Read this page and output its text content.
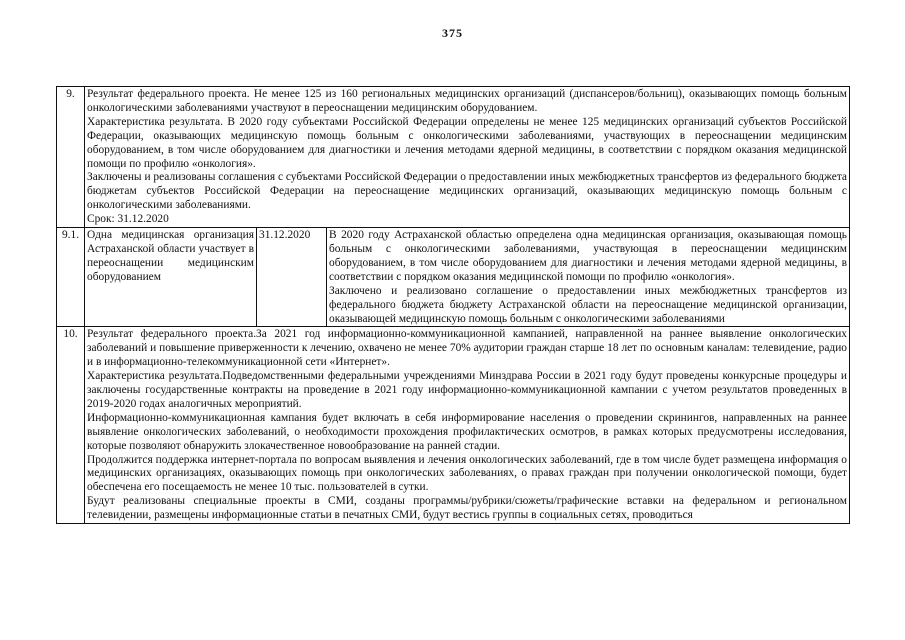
375
9.	Результат федерального проекта. Не менее 125 из 160 региональных медицинских организаций (диспансеров/больниц), оказывающих помощь больным онкологическими заболеваниями участвуют в переоснащении медицинским оборудованием.

Характеристика результата. В 2020 году субъектами Российской Федерации определены не менее 125 медицинских организаций субъектов Российской Федерации, оказывающих медицинскую помощь больным с онкологическими заболеваниями, участвующих в переоснащении медицинским оборудованием, в том числе оборудованием для диагностики и лечения методами ядерной медицины, в соответствии с порядком оказания медицинской помощи по профилю «онкология».

Заключены и реализованы соглашения с субъектами Российской Федерации о предоставлении иных межбюджетных трансфертов из федерального бюджета бюджетам субъектов Российской Федерации на переоснащение медицинских организаций, оказывающих медицинскую помощь больным с онкологическими заболеваниями.

Срок: 31.12.2020		

9.1.	Одна медицинская организация Астраханской области участвует в переоснащении медицинским оборудованием	31.12.2020	В 2020 году Астраханской областью определена одна медицинская организация, оказывающая помощь больным с онкологическими заболеваниями, участвующая в переоснащении медицинским оборудованием, в том числе оборудованием для диагностики и лечения методами ядерной медицины, в соответствии с порядком оказания медицинской помощи по профилю «онкология».

Заключено и реализовано соглашение о предоставлении иных межбюджетных трансфертов из федерального бюджета бюджету Астраханской области на переоснащение медицинской организации, оказывающей медицинскую помощь больным с онкологическими заболеваниями

10.	Результат федерального проекта.За 2021 год информационно-коммуникационной кампанией, направленной на раннее выявление онкологических заболеваний и повышение приверженности к лечению, охвачено не менее 70% аудитории граждан старше 18 лет по основным каналам: телевидение, радио и в информационно-телекоммуникационной сети «Интернет».

Характеристика результата.Подведомственными федеральными учреждениями Минздрава России в 2021 году будут проведены конкурсные процедуры и заключены государственные контракты на проведение в 2021 году информационно-коммуникационной кампании с учетом результатов проведенных в 2019-2020 годах аналогичных мероприятий.

Информационно-коммуникационная кампания будет включать в себя информирование населения о проведении скринингов, направленных на раннее выявление онкологических заболеваний, о необходимости прохождения профилактических осмотров, в рамках которых предусмотрены исследования, которые позволяют обнаружить злокачественное новообразование на ранней стадии.

Продолжится поддержка интернет-портала по вопросам выявления и лечения онкологических заболеваний, где в том числе будет размещена информация о медицинских организациях, оказывающих помощь при онкологических заболеваниях, о правах граждан при получении онкологической помощи, будет обеспечена его посещаемость не менее 10 тыс. пользователей в сутки.

Будут реализованы специальные проекты в СМИ, созданы программы/рубрики/сюжеты/графические вставки на федеральном и региональном телевидении, размещены информационные статьи в печатных СМИ, будут вестись группы в социальных сетях, проводиться		
